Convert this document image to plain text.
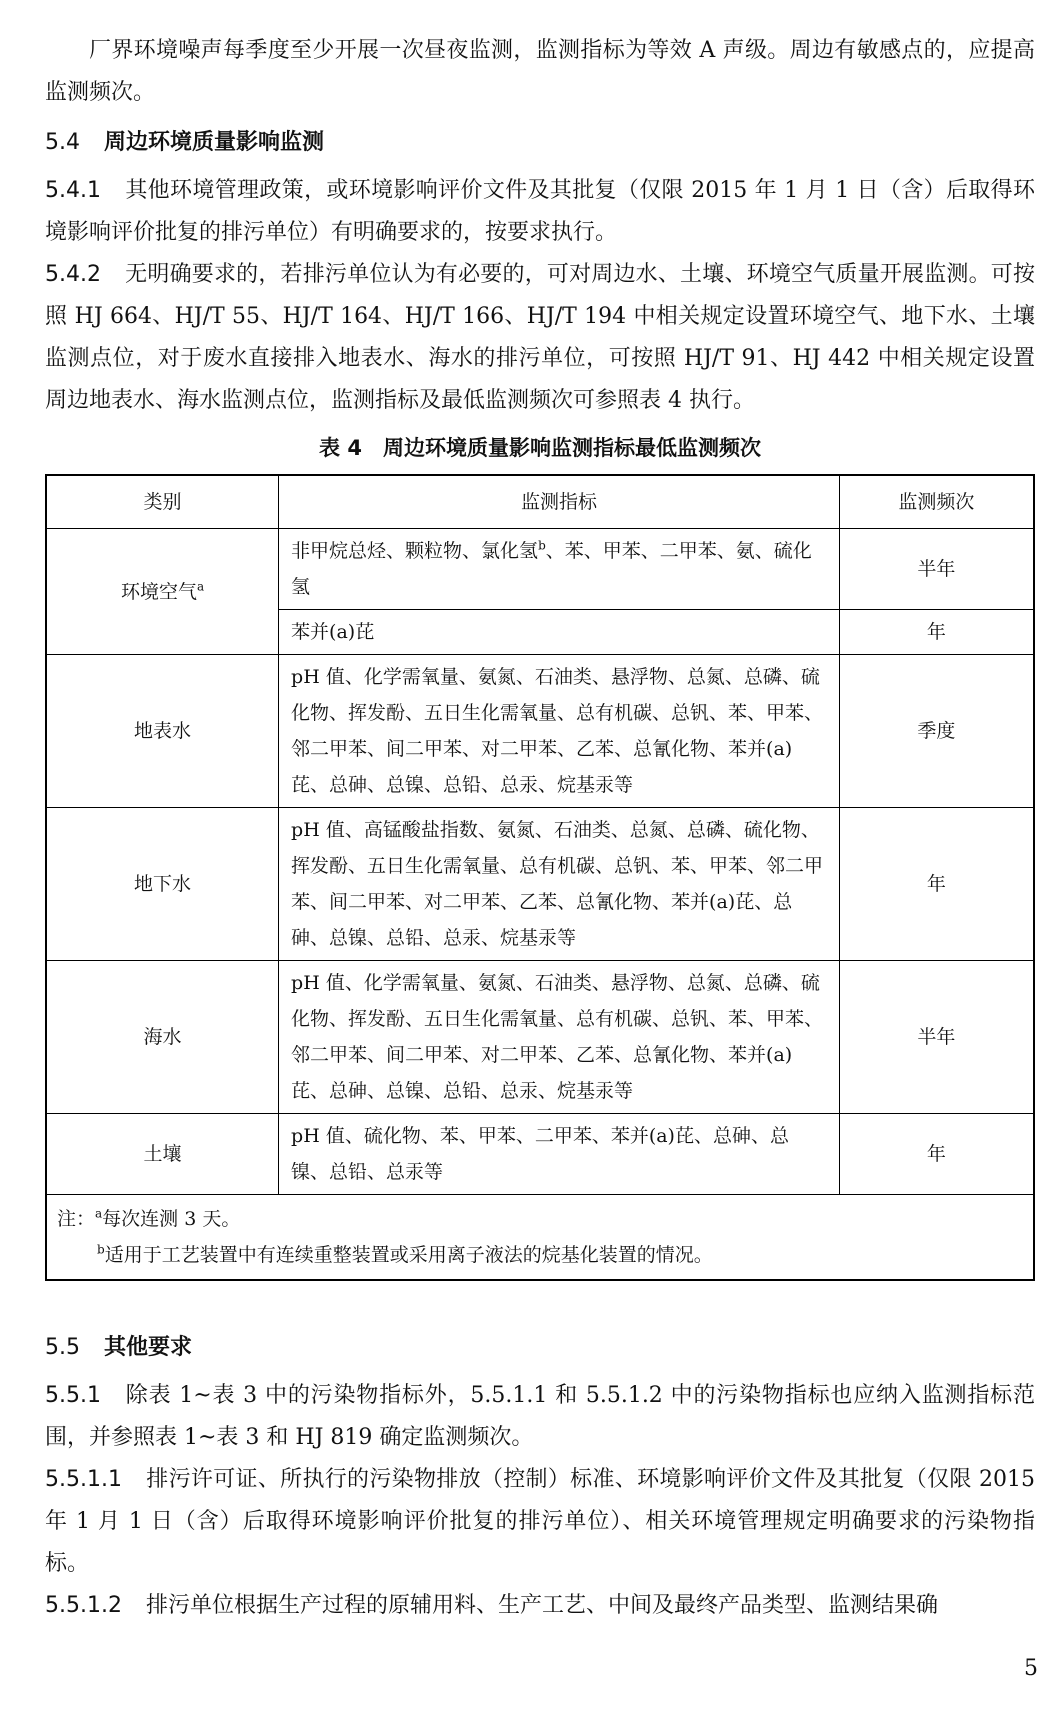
厂界环境噪声每季度至少开展一次昼夜监测，监测指标为等效 A 声级。周边有敏感点的，应提高监测频次。

5.4 周边环境质量影响监测

5.4.1 其他环境管理政策，或环境影响评价文件及其批复（仅限 2015 年 1 月 1 日（含）后取得环境影响评价批复的排污单位）有明确要求的，按要求执行。

5.4.2 无明确要求的，若排污单位认为有必要的，可对周边水、土壤、环境空气质量开展监测。可按照 HJ 664、HJ/T 55、HJ/T 164、HJ/T 166、HJ/T 194 中相关规定设置环境空气、地下水、土壤监测点位，对于废水直接排入地表水、海水的排污单位，可按照 HJ/T 91、HJ 442 中相关规定设置周边地表水、海水监测点位，监测指标及最低监测频次可参照表 4 执行。

表 4　周边环境质量影响监测指标最低监测频次
类别	监测指标	监测频次
环境空气$^a$	非甲烷总烃、颗粒物、氯化氢$^b$、苯、甲苯、二甲苯、氨、硫化氢	半年
	苯并(a)芘	年
地表水	pH 值、化学需氧量、氨氮、石油类、悬浮物、总氮、总磷、硫化物、挥发酚、五日生化需氧量、总有机碳、总钒、苯、甲苯、邻二甲苯、间二甲苯、对二甲苯、乙苯、总氰化物、苯并(a)芘、总砷、总镍、总铅、总汞、烷基汞等	季度
地下水	pH 值、高锰酸盐指数、氨氮、石油类、总氮、总磷、硫化物、挥发酚、五日生化需氧量、总有机碳、总钒、苯、甲苯、邻二甲苯、间二甲苯、对二甲苯、乙苯、总氰化物、苯并(a)芘、总砷、总镍、总铅、总汞、烷基汞等	年
海水	pH 值、化学需氧量、氨氮、石油类、悬浮物、总氮、总磷、硫化物、挥发酚、五日生化需氧量、总有机碳、总钒、苯、甲苯、邻二甲苯、间二甲苯、对二甲苯、乙苯、总氰化物、苯并(a)芘、总砷、总镍、总铅、总汞、烷基汞等	半年
土壤	pH 值、硫化物、苯、甲苯、二甲苯、苯并(a)芘、总砷、总镍、总铅、总汞等	年

注：$^a$每次连测 3 天。
$^b$适用于工艺装置中有连续重整装置或采用离子液法的烷基化装置的情况。		
5.5 其他要求

5.5.1 除表 1~表 3 中的污染物指标外，5.5.1.1 和 5.5.1.2 中的污染物指标也应纳入监测指标范围，并参照表 1~表 3 和 HJ 819 确定监测频次。

5.5.1.1 排污许可证、所执行的污染物排放（控制）标准、环境影响评价文件及其批复（仅限 2015 年 1 月 1 日（含）后取得环境影响评价批复的排污单位）、相关环境管理规定明确要求的污染物指标。

5.5.1.2 排污单位根据生产过程的原辅用料、生产工艺、中间及最终产品类型、监测结果确

5
